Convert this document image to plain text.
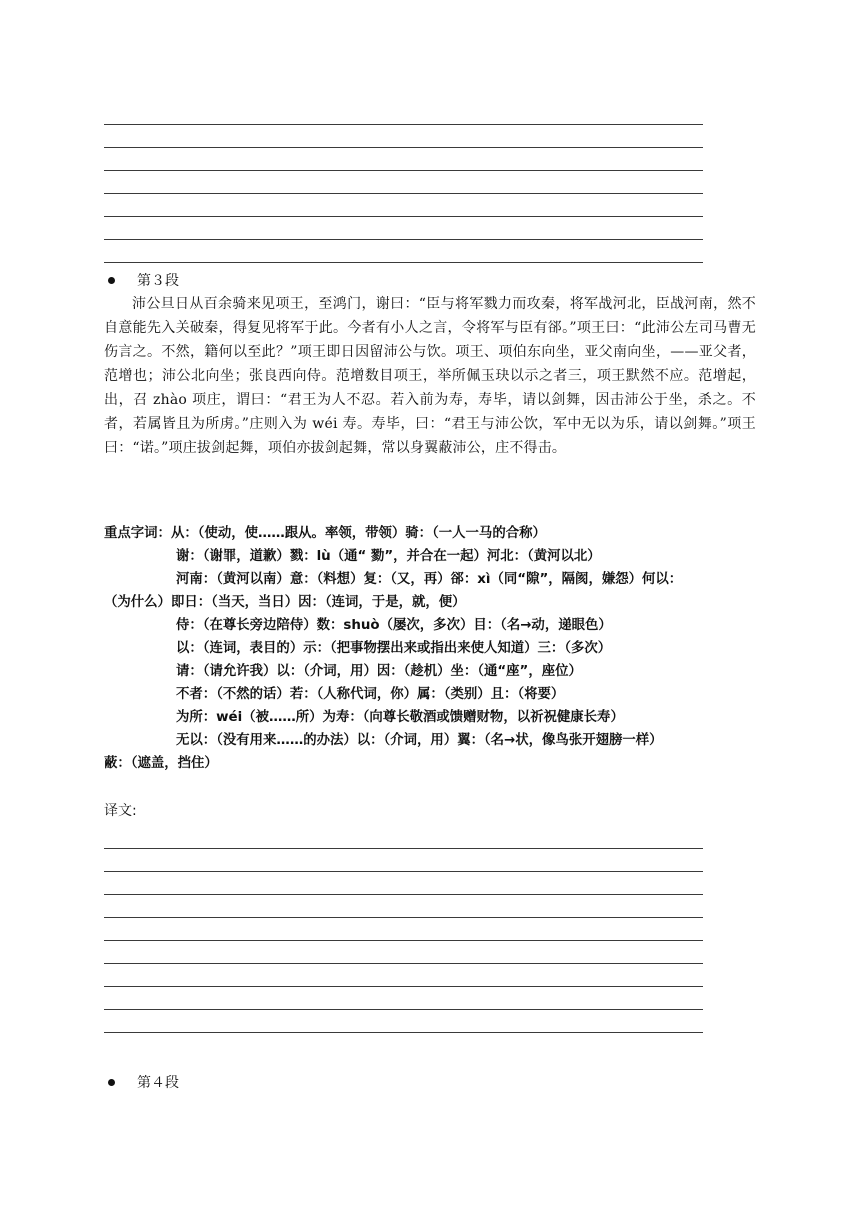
第３段
沛公旦日从百余骑来见项王，至鸿门，谢曰：“臣与将军戮力而攻秦，将军战河北，臣战河南，然不自意能先入关破秦，得复见将军于此。今者有小人之言，令将军与臣有郤。”项王曰：“此沛公左司马曹无伤言之。不然，籍何以至此？”项王即日因留沛公与饮。项王、项伯东向坐，亚父南向坐，——亚父者，范增也；沛公北向坐；张良西向侍。范增数目项王，举所佩玉玦以示之者三，项王默然不应。范增起，出，召 zhào 项庄，谓曰：“君王为人不忍。若入前为寿，寿毕，请以剑舞，因击沛公于坐，杀之。不者，若属皆且为所虏。”庄则入为 wéi 寿。寿毕，曰：“君王与沛公饮，军中无以为乐，请以剑舞。”项王曰：“诺。”项庄拔剑起舞，项伯亦拔剑起舞，常以身翼蔽沛公，庄不得击。
重点字词：从：（使动，使……跟从。率领，带领）骑：（一人一马的合称）
谢：（谢罪，道歉）戮：lù（通“ 勠”，并合在一起）河北：（黄河以北）
河南：（黄河以南）意：（料想）复：（又，再）郤：xì（同“隙”，隔阂，嫌怨）何以：
（为什么）即日：（当天，当日）因：（连词，于是，就，便）
侍：（在尊长旁边陪侍）数：shuò（屡次，多次）目：（名→动，递眼色）
以：（连词，表目的）示：（把事物摆出来或指出来使人知道）三：（多次）
请：（请允许我）以：（介词，用）因：（趁机）坐：（通“座”，座位）
不者：（不然的话）若：（人称代词，你）属：（类别）且：（将要）
为所：wéi（被……所）为寿：（向尊长敬酒或馈赠财物，以祈祝健康长寿）
无以：（没有用来……的办法）以：（介词，用）翼：（名→状，像鸟张开翅膀一样）
蔽：（遮盖，挡住）
译文:
第４段
